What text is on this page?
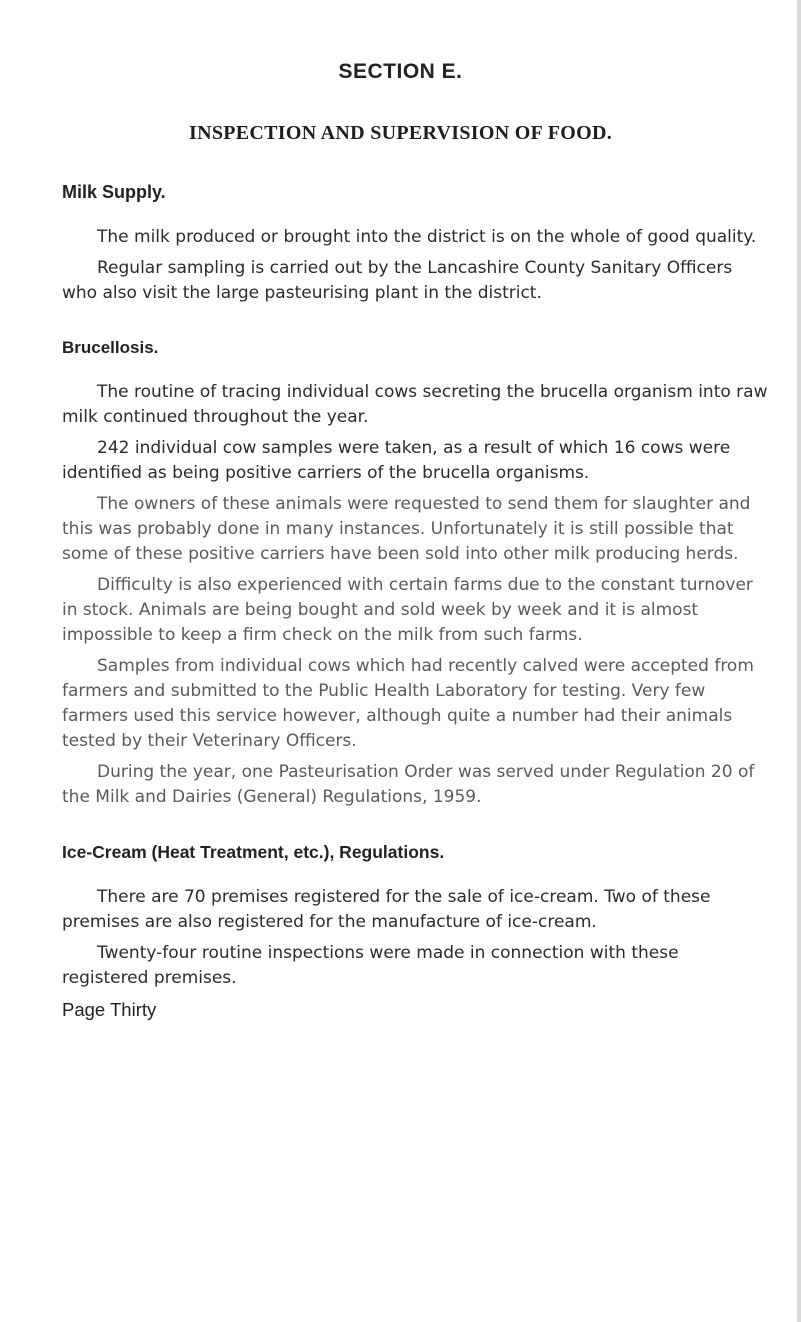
SECTION E.
INSPECTION AND SUPERVISION OF FOOD.

Milk Supply.

The milk produced or brought into the district is on the whole of good quality.

Regular sampling is carried out by the Lancashire County Sanitary Officers who also visit the large pasteurising plant in the district.

Brucellosis.

The routine of tracing individual cows secreting the brucella organism into raw milk continued throughout the year.

242 individual cow samples were taken, as a result of which 16 cows were identified as being positive carriers of the brucella organisms.

The owners of these animals were requested to send them for slaughter and this was probably done in many instances. Unfortunately it is still possible that some of these positive carriers have been sold into other milk producing herds.

Difficulty is also experienced with certain farms due to the constant turnover in stock. Animals are being bought and sold week by week and it is almost impossible to keep a firm check on the milk from such farms.

Samples from individual cows which had recently calved were accepted from farmers and submitted to the Public Health Laboratory for testing. Very few farmers used this service however, although quite a number had their animals tested by their Veterinary Officers.

During the year, one Pasteurisation Order was served under Regulation 20 of the Milk and Dairies (General) Regulations, 1959.

Ice-Cream (Heat Treatment, etc.), Regulations.

There are 70 premises registered for the sale of ice-cream. Two of these premises are also registered for the manufacture of ice-cream.

Twenty-four routine inspections were made in connection with these registered premises.

Page Thirty
